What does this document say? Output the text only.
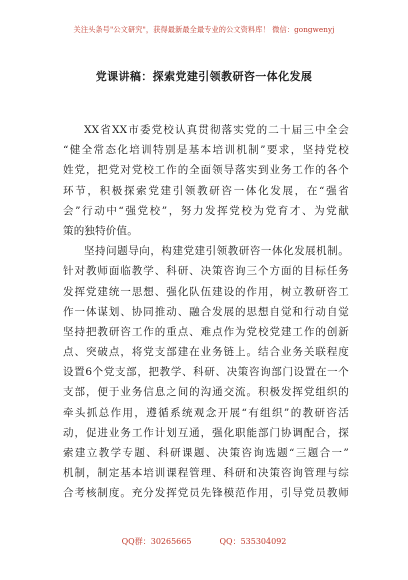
关注头条号"公文研究"，获得最新最全最专业的公文资料库！ 微信：gongwenyj
党课讲稿：探索党建引领教研咨一体化发展
XX省XX市委党校认真贯彻落实党的二十届三中全会
“健全常态化培训特别是基本培训机制”要求，坚持党校
姓党，把党对党校工作的全面领导落实到业务工作的各个
环节，积极探索党建引领教研咨一体化发展，在“强省
会”行动中“强党校”，努力发挥党校为党育才、为党献
策的独特价值。
坚持问题导向，构建党建引领教研咨一体化发展机制。
针对教师面临教学、科研、决策咨询三个方面的目标任务
发挥党建统一思想、强化队伍建设的作用，树立教研咨工
作一体谋划、协同推动、融合发展的思想自觉和行动自觉
坚持把教研咨工作的重点、难点作为党校党建工作的创新
点、突破点，将党支部建在业务链上。结合业务关联程度
设置6个党支部，把教学、科研、决策咨询部门设置在一个
支部，便于业务信息之间的沟通交流。积极发挥党组织的
牵头抓总作用，遵循系统观念开展“有组织”的教研咨活
动，促进业务工作计划互通，强化职能部门协调配合，探
索建立教学专题、科研课题、决策咨询选题“三题合一”
机制，制定基本培训课程管理、科研和决策咨询管理与综
合考核制度。充分发挥党员先锋模范作用，引导党员教师
QQ群：30265665	QQ：535304092
